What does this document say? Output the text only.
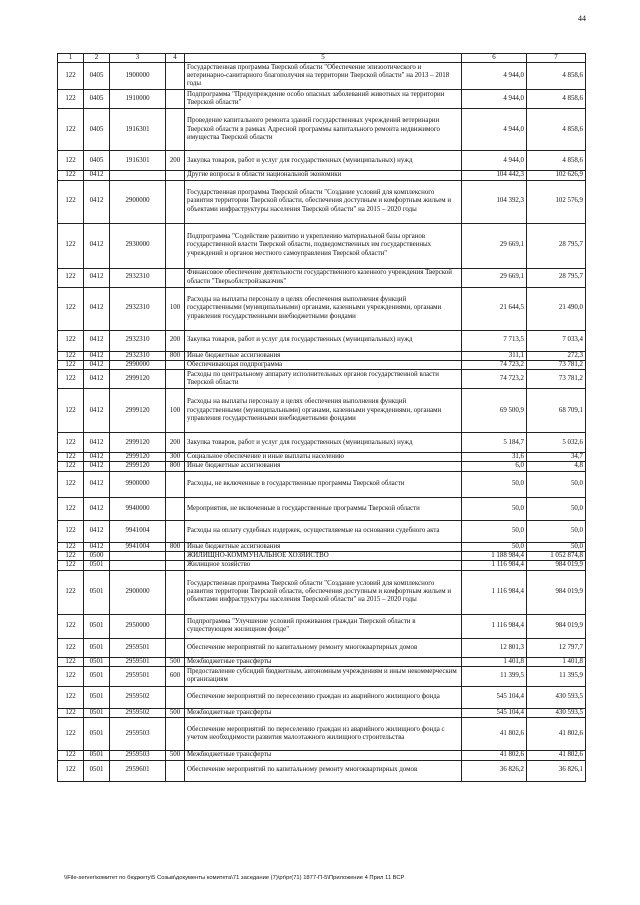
44
1	2	3	4	5	6	7
122	0405	1900000		Государственная программа Тверской области "Обеспечение эпизоотического и ветеринарно-санитарного благополучия на территории Тверской области" на 2013 – 2018 годы	4 944,0	4 858,6
122	0405	1910000		Подпрограмма "Предупреждение особо опасных заболеваний животных на территории Тверской области"	4 944,0	4 858,6
122	0405	1916301		Проведение капитального ремонта зданий государственных учреждений ветеринарии Тверской области в рамках Адресной программы капитального ремонта недвижимого имущества Тверской области	4 944,0	4 858,6
122	0405	1916301	200	Закупка товаров, работ и услуг для государственных (муниципальных) нужд	4 944,0	4 858,6
122	0412			Другие вопросы в области национальной экономики	104 442,3	102 626,9
122	0412	2900000		Государственная программа Тверской области "Создание условий для комплексного развития территории Тверской области, обеспечения доступным и комфортным жильем и объектами инфраструктуры населения Тверской области" на 2015 – 2020 годы	104 392,3	102 576,9
122	0412	2930000		Подпрограмма "Содействие развитию и укреплению материальной базы органов государственной власти Тверской области, подведомственных им государственных учреждений и органов местного самоуправления Тверской области"	29 669,1	28 795,7
122	0412	2932310		Финансовое обеспечение деятельности государственного казенного учреждения Тверской области "Тверьоблстройзаказчик"	29 669,1	28 795,7
122	0412	2932310	100	Расходы на выплаты персоналу в целях обеспечения выполнения функций государственными (муниципальными) органами, казенными учреждениями, органами управления государственными внебюджетными фондами	21 644,5	21 490,0
122	0412	2932310	200	Закупка товаров, работ и услуг для государственных (муниципальных) нужд	7 713,5	7 033,4
122	0412	2932310	800	Иные бюджетные ассигнования	311,1	272,3
122	0412	2990000		Обеспечивающая подпрограмма	74 723,2	73 781,2
122	0412	2999120		Расходы по центральному аппарату исполнительных органов государственной власти Тверской области	74 723,2	73 781,2
122	0412	2999120	100	Расходы на выплаты персоналу в целях обеспечения выполнения функций государственными (муниципальными) органами, казенными учреждениями, органами управления государственными внебюджетными фондами	69 500,9	68 709,1
122	0412	2999120	200	Закупка товаров, работ и услуг для государственных (муниципальных) нужд	5 184,7	5 032,6
122	0412	2999120	300	Социальное обеспечение и иные выплаты населению	31,6	34,7
122	0412	2999120	800	Иные бюджетные ассигнования	6,0	4,8
122	0412	9900000		Расходы, не включенные в государственные программы Тверской области	50,0	50,0
122	0412	9940000		Мероприятия, не включенные в государственные программы Тверской области	50,0	50,0
122	0412	9941004		Расходы на оплату судебных издержек, осуществляемые на основании судебного акта	50,0	50,0
122	0412	9941004	800	Иные бюджетные ассигнования	50,0	50,0
122	0500			ЖИЛИЩНО-КОММУНАЛЬНОЕ ХОЗЯЙСТВО	1 188 984,4	1 052 874,8
122	0501			Жилищное хозяйство	1 116 984,4	984 019,9
122	0501	2900000		Государственная программа Тверской области "Создание условий для комплексного развития территории Тверской области, обеспечения доступным и комфортным жильем и объектами инфраструктуры населения Тверской области" на 2015 – 2020 годы	1 116 984,4	984 019,9
122	0501	2950000		Подпрограмма "Улучшение условий проживания граждан Тверской области в существующем жилищном фонде"	1 116 984,4	984 019,9
122	0501	2959501		Обеспечение мероприятий по капитальному ремонту многоквартирных домов	12 801,3	12 797,7
122	0501	2959501	500	Межбюджетные трансферты	1 401,8	1 401,8
122	0501	2959501	600	Предоставление субсидий бюджетным, автономным учреждениям и иным некоммерческим организациям	11 399,5	11 395,9
122	0501	2959502		Обеспечение мероприятий по переселению граждан из аварийного жилищного фонда	545 104,4	430 593,5
122	0501	2959502	500	Межбюджетные трансферты	545 104,4	430 593,5
122	0501	2959503		Обеспечение мероприятий по переселению граждан из аварийного жилищного фонда с учетом необходимости развития малоэтажного жилищного строительства	41 802,6	41 802,6
122	0501	2959503	500	Межбюджетные трансферты	41 802,6	41 802,6
122	0501	2959601		Обеспечение мероприятий по капитальному ремонту многоквартирных домов	36 826,2	36 826,1
\\File-server\комитет по бюджету\5 Созыв\документы комитета\71 заседание (7)\pr\pr(71) 1877-П-5\Приложение 4 Прил 11 ВСР
